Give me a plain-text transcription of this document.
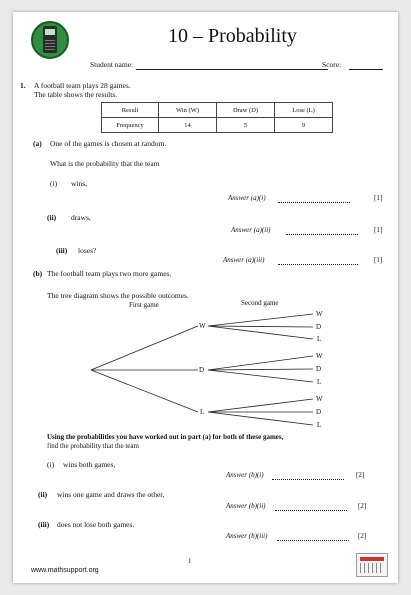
10 – Probability
Student name:	Score:
1. A football team plays 28 games.
The table shows the results.
Result	Win (W)	Draw (D)	Lose (L)
Frequency	14	5	9
(a) One of the games is chosen at random.
What is the probability that the team
(i) wins,
Answer (a)(i)	[1]
(ii) draws,
Answer (a)(ii)	[1]
(iii) loses?
Answer (a)(iii)	[1]
(b) The football team plays two more games.
The tree diagram shows the possible outcomes.
First game	Second game
W
D
L
W
D
L
W
D
L
W
D
L
Using the probabilities you have worked out in part (a) for both of these games,
find the probability that the team
(i) wins both games,
Answer (b)(i)	[2]
(ii) wins one game and draws the other,
Answer (b)(ii)	[2]
(iii) does not lose both games.
Answer (b)(iii)	[2]
1
www.mathsupport.org
